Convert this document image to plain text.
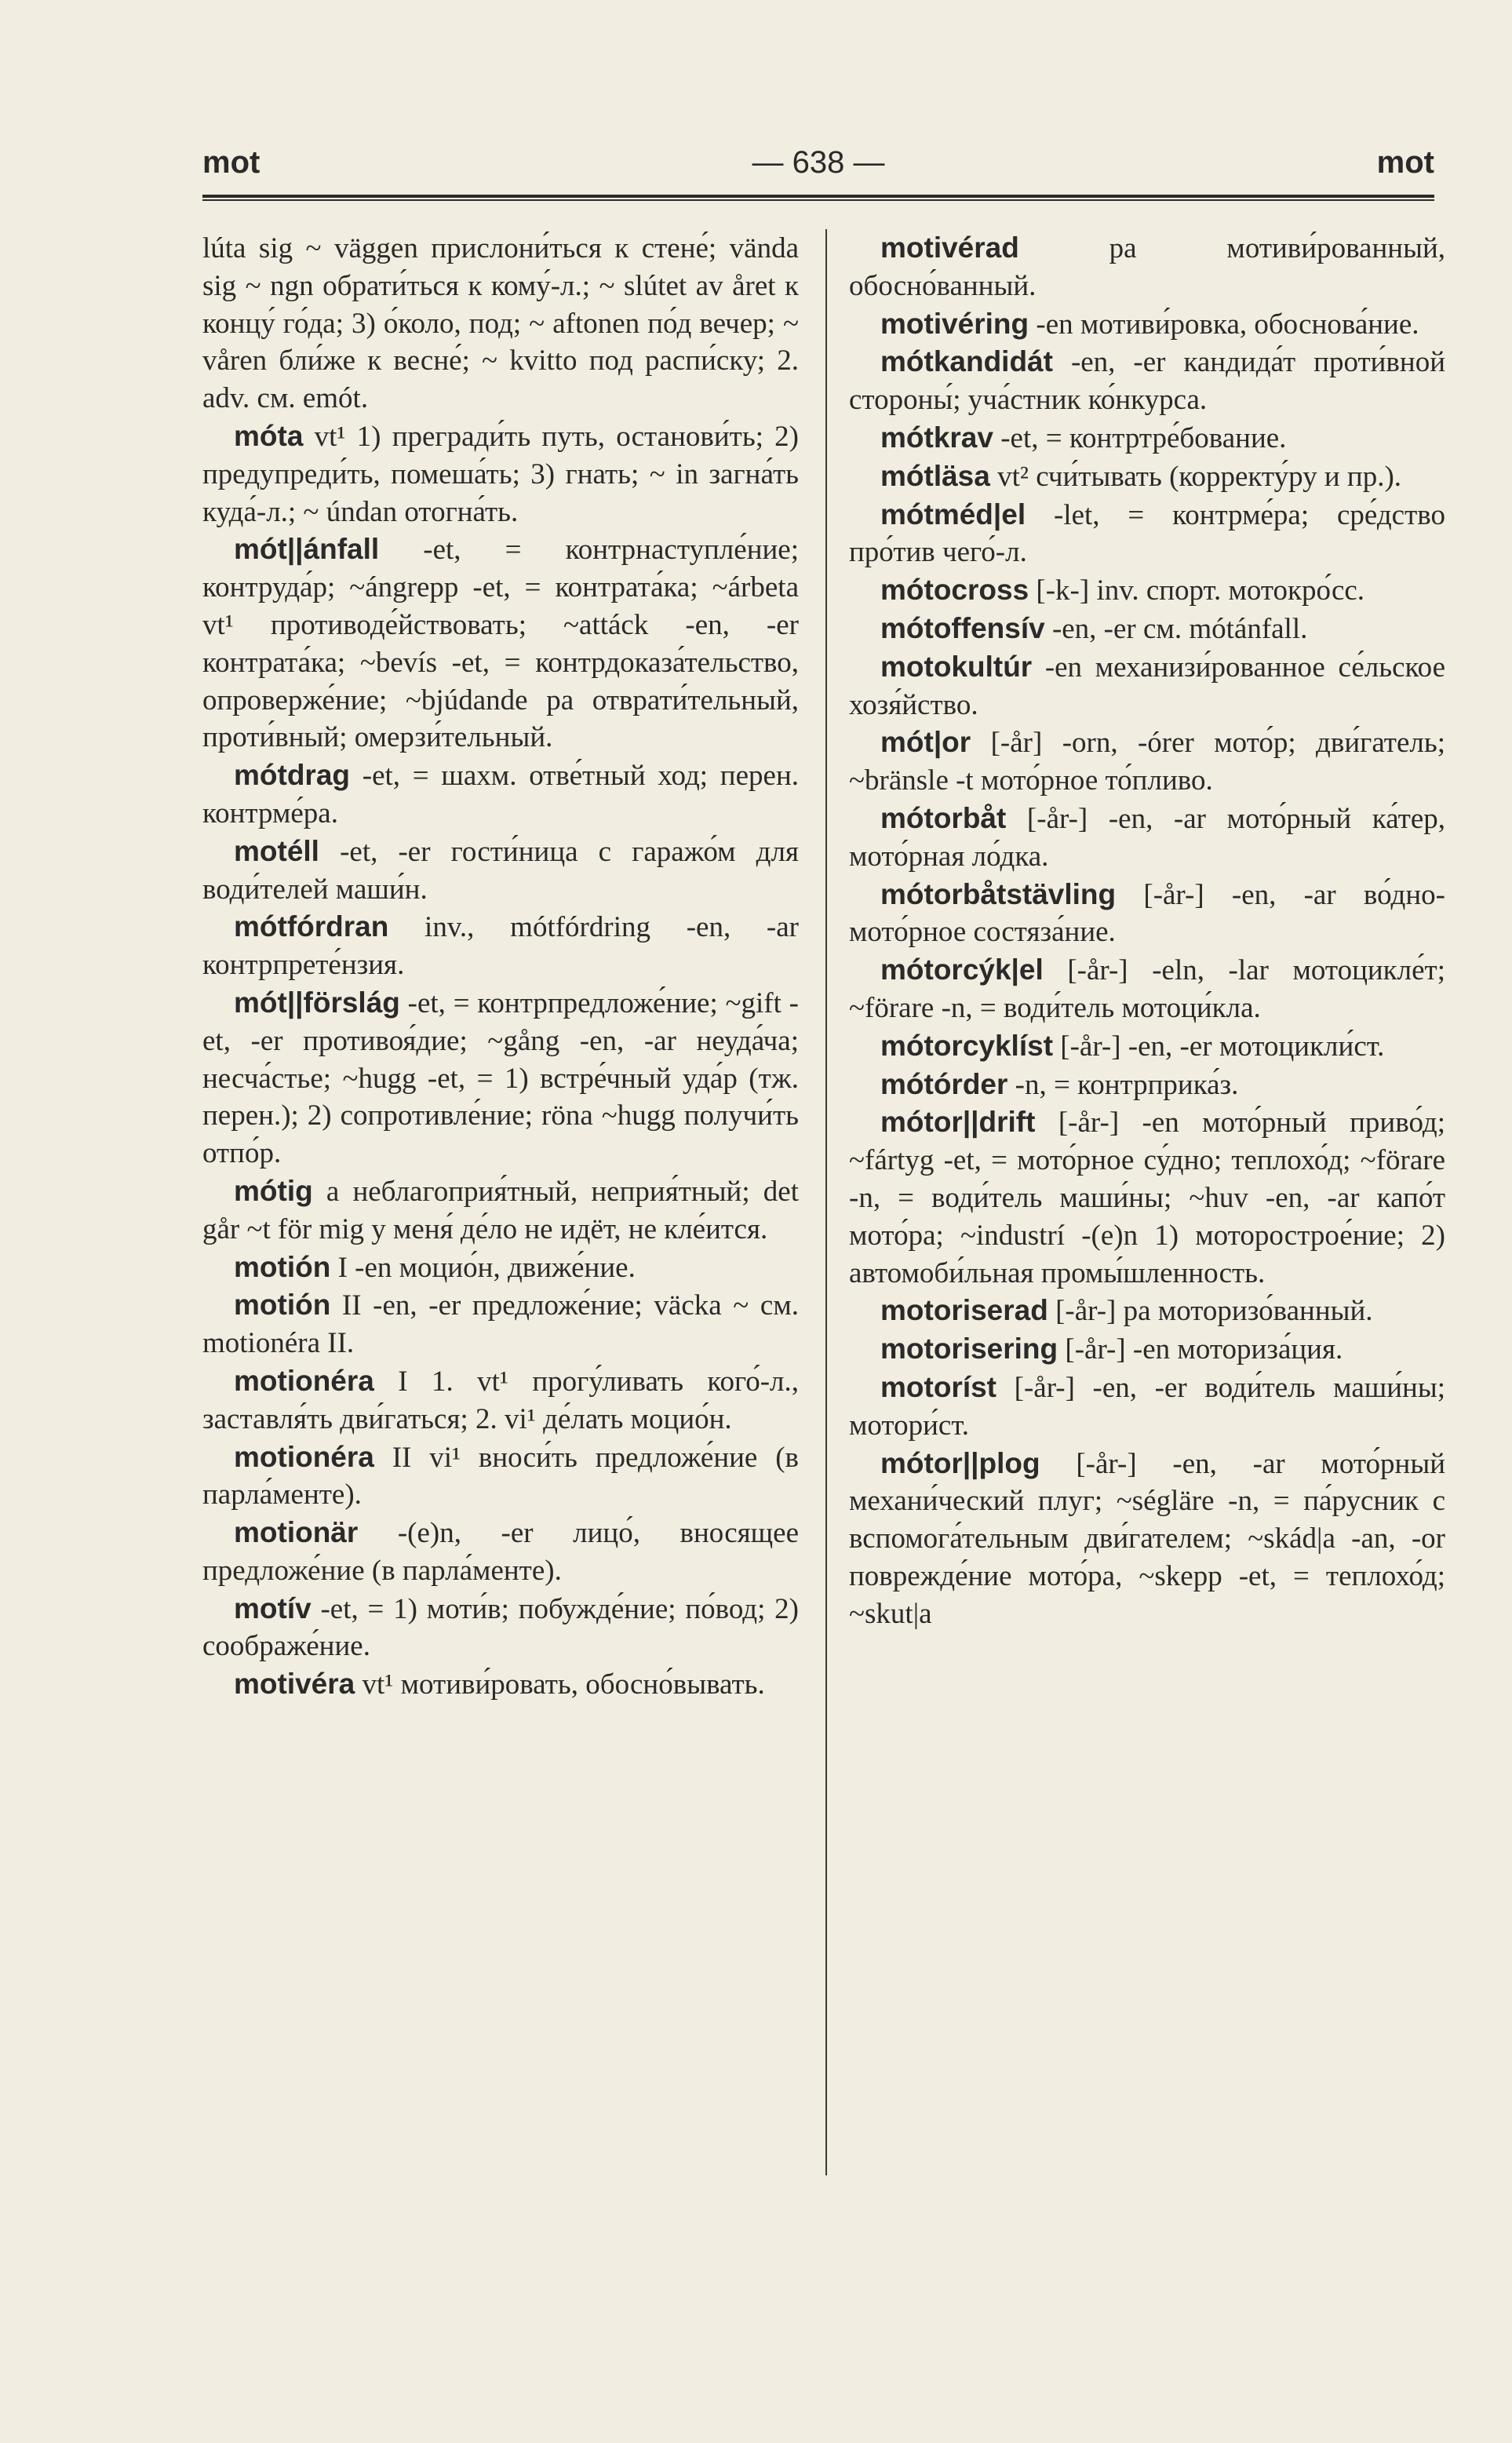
mot	— 638 —	mot

lúta sig ~ väggen прислони́ться к стене́; vända sig ~ ngn обрати́ться к кому́-л.; ~ slútet av året к концу́ го́да; 3) о́коло, под; ~ aftonen по́д вечер; ~ våren бли́же к весне́; ~ kvitto под распи́ску; 2. adv. см. emót.

móta vt¹ 1) прегради́ть путь, останови́ть; 2) предупреди́ть, помеша́ть; 3) гнать; ~ in загна́ть куда́-л.; ~ úndan отогна́ть.

mót||ánfall -et, = контрнаступле́ние; контруда́р; ~ángrepp -et, = контрата́ка; ~árbeta vt¹ противоде́йствовать; ~attáck -en, -er контрата́ка; ~bevís -et, = контрдоказа́тельство, опроверже́ние; ~bjúdande pa отврати́тельный, проти́вный; омерзи́тельный.

mótdrag -et, = шахм. отве́тный ход; перен. контрме́ра.

motéll -et, -er гости́ница с гаражо́м для води́телей маши́н.

mótfórdran inv., mótfórdring -en, -ar контрпрете́нзия.

mót||förslág -et, = контрпредложе́ние; ~gift -et, -er противоя́дие; ~gång -en, -ar неуда́ча; несча́стье; ~hugg -et, = 1) встре́чный уда́р (тж. перен.); 2) сопротивле́ние; röna ~hugg получи́ть отпо́р.

mótig a неблагоприя́тный, неприя́тный; det går ~t för mig у меня́ де́ло не идёт, не кле́ится.

motión I -en моцио́н, движе́ние.

motión II -en, -er предложе́ние; väcka ~ см. motionéra II.

motionéra I 1. vt¹ прогу́ливать кого́-л., заставля́ть дви́гаться; 2. vi¹ де́лать моцио́н.

motionéra II vi¹ вноси́ть предложе́ние (в парла́менте).

motionär -(e)n, -er лицо́, вносящее предложе́ние (в парла́менте).

motív -et, = 1) моти́в; побужде́ние; по́вод; 2) соображе́ние.

motivéra vt¹ мотиви́ровать, обосно́вывать.

motivérad pa мотиви́рованный, обосно́ванный.

motivéring -en мотиви́ровка, обоснова́ние.

mótkandidát -en, -er кандида́т проти́вной стороны́; уча́стник ко́нкурса.

mótkrav -et, = контртре́бование.

mótläsa vt² счи́тывать (корректу́ру и пр.).

mótméd|el -let, = контрме́ра; сре́дство про́тив чего́-л.

mótocross [-k-] inv. спорт. мотокро́сс.

mótoffensív -en, -er см. mótánfall.

motokultúr -en механизи́рованное се́льское хозя́йство.

mót|or [-år] -orn, -órer мото́р; дви́гатель; ~bränsle -t мото́рное то́пливо.

mótorbåt [-år-] -en, -ar мото́рный ка́тер, мото́рная ло́дка.

mótorbåtstävling [-år-] -en, -ar во́дно-мото́рное состяза́ние.

mótorcýk|el [-år-] -eln, -lar мотоцикле́т; ~förare -n, = води́тель мотоци́кла.

mótorcyklíst [-år-] -en, -er мотоцикли́ст.

mótórder -n, = контрприка́з.

mótor||drift [-år-] -en мото́рный приво́д; ~fártyg -et, = мото́рное су́дно; теплохо́д; ~förare -n, = води́тель маши́ны; ~huv -en, -ar капо́т мото́ра; ~industrí -(e)n 1) моторострое́ние; 2) автомоби́льная промы́шленность.

motoriserad [-år-] pa моторизо́ванный.

motorisering [-år-] -en моториза́ция.

motoríst [-år-] -en, -er води́тель маши́ны; мотори́ст.

mótor||plog [-år-] -en, -ar мото́рный механи́ческий плуг; ~ségläre -n, = па́русник с вспомога́тельным дви́гателем; ~skád|a -an, -or поврежде́ние мото́ра, ~skepp -et, = теплохо́д; ~skut|a
